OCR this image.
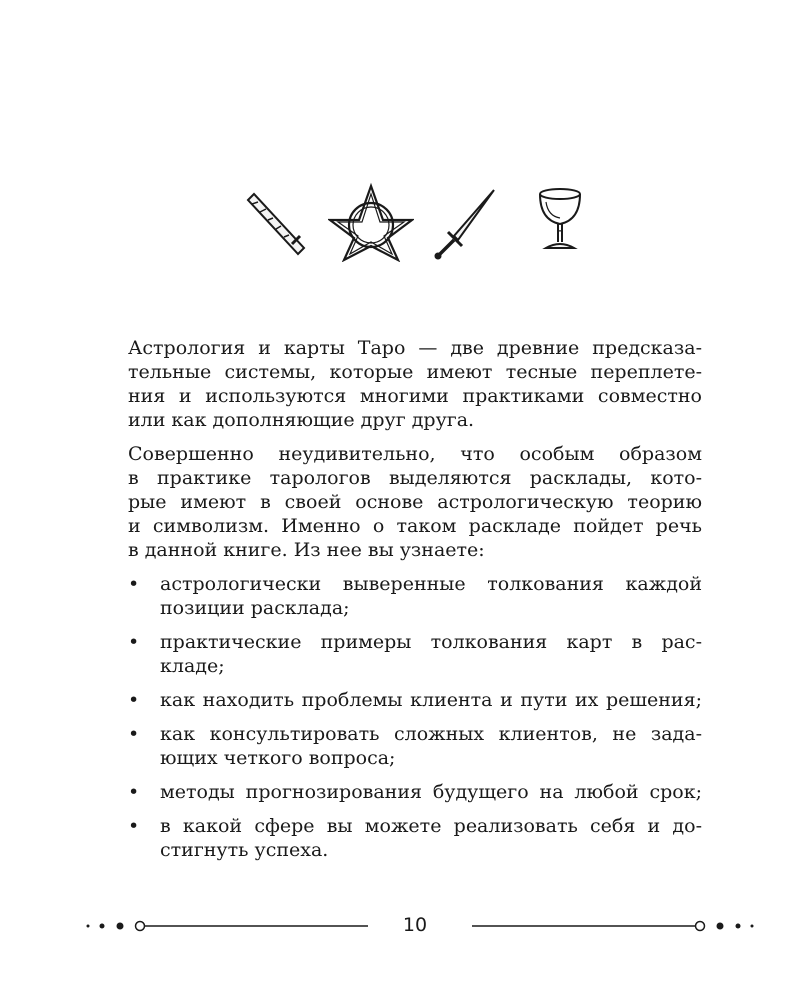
Астрология и карты Таро — две древние предсказа-
тельные системы, которые имеют тесные переплете-
ния и используются многими практиками совместно
или как дополняющие друг друга.

Совершенно неудивительно, что особым образом
в практике тарологов выделяются расклады, кото-
рые имеют в своей основе астрологическую теорию
и символизм. Именно о таком раскладе пойдет речь
в данной книге. Из нее вы узнаете:

• астрологически выверенные толкования каждой
позиции расклада;
• практические примеры толкования карт в рас-
кладе;
• как находить проблемы клиента и пути их решения;
• как консультировать сложных клиентов, не зада-
ющих четкого вопроса;
• методы прогнозирования будущего на любой срок;
• в какой сфере вы можете реализовать себя и до-
стигнуть успеха.
10
